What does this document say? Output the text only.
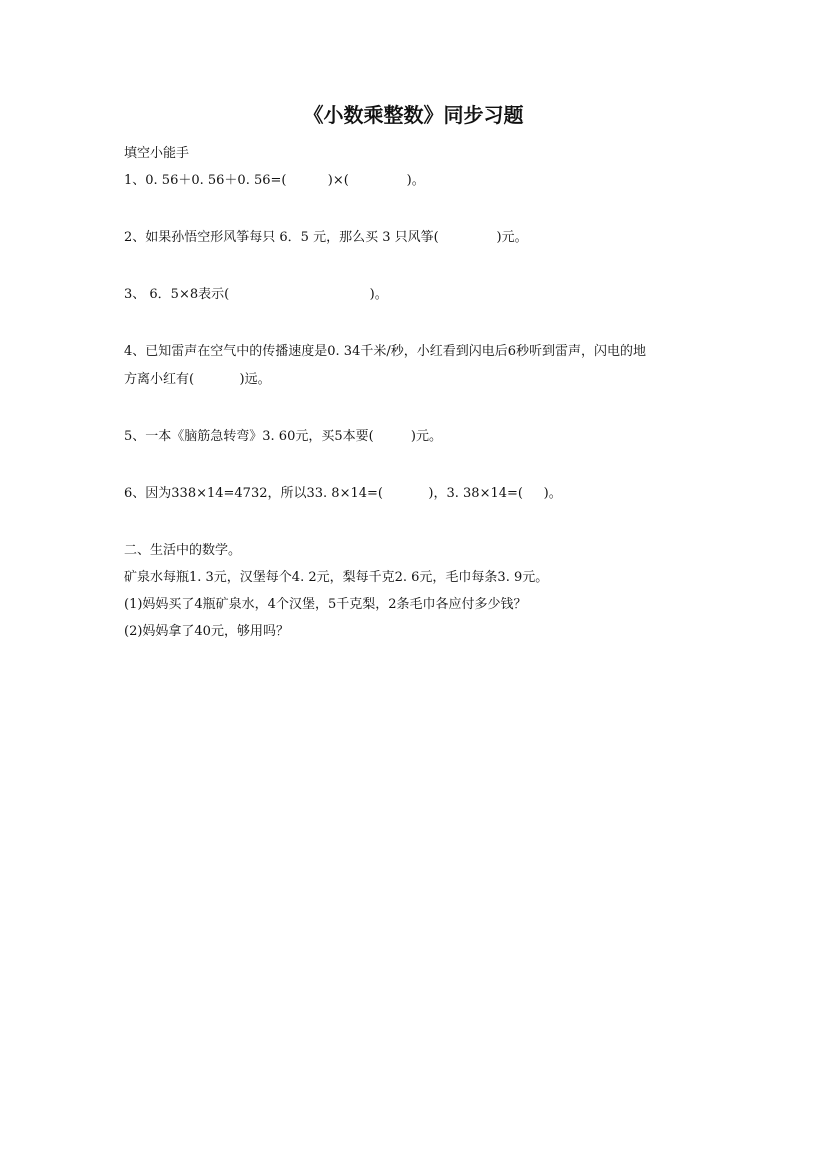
《小数乘整数》同步习题
填空小能手
1、0. 56＋0. 56＋0. 56=(          )×(              )。
2、如果孙悟空形风筝每只 6．5 元，那么买 3 只风筝(              )元。
3、 6．5×8表示(                                  )。
4、已知雷声在空气中的传播速度是0. 34千米/秒，小红看到闪电后6秒听到雷声，闪电的地
方离小红有(           )远。
5、一本《脑筋急转弯》3. 60元，买5本要(         )元。
6、因为338×14=4732，所以33. 8×14=(           )，3. 38×14=(     )。
二、生活中的数学。
矿泉水每瓶1. 3元，汉堡每个4. 2元，梨每千克2. 6元，毛巾每条3. 9元。
(1)妈妈买了4瓶矿泉水，4个汉堡，5千克梨，2条毛巾各应付多少钱？
(2)妈妈拿了40元，够用吗？
